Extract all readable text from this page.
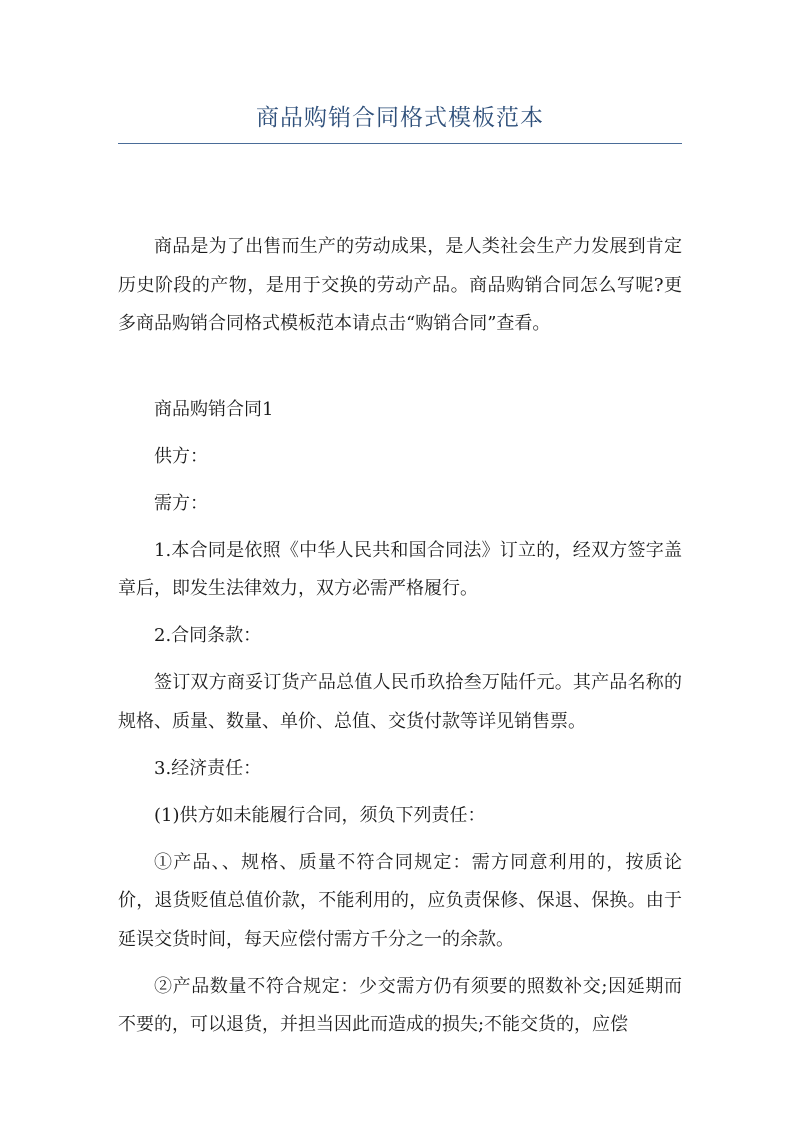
商品购销合同格式模板范本

商品是为了出售而生产的劳动成果，是人类社会生产力发展到肯定历史阶段的产物，是用于交换的劳动产品。商品购销合同怎么写呢?更多商品购销合同格式模板范本请点击“购销合同”查看。

商品购销合同1

供方：

需方：

1.本合同是依照《中华人民共和国合同法》订立的，经双方签字盖章后，即发生法律效力，双方必需严格履行。

2.合同条款：

签订双方商妥订货产品总值人民币玖拾叁万陆仟元。其产品名称的规格、质量、数量、单价、总值、交货付款等详见销售票。

3.经济责任：

(1)供方如未能履行合同，须负下列责任：

①产品、、规格、质量不符合同规定：需方同意利用的，按质论价，退货贬值总值价款，不能利用的，应负责保修、保退、保换。由于延误交货时间，每天应偿付需方千分之一的余款。

②产品数量不符合规定：少交需方仍有须要的照数补交;因延期而不要的，可以退货，并担当因此而造成的损失;不能交货的，应偿
